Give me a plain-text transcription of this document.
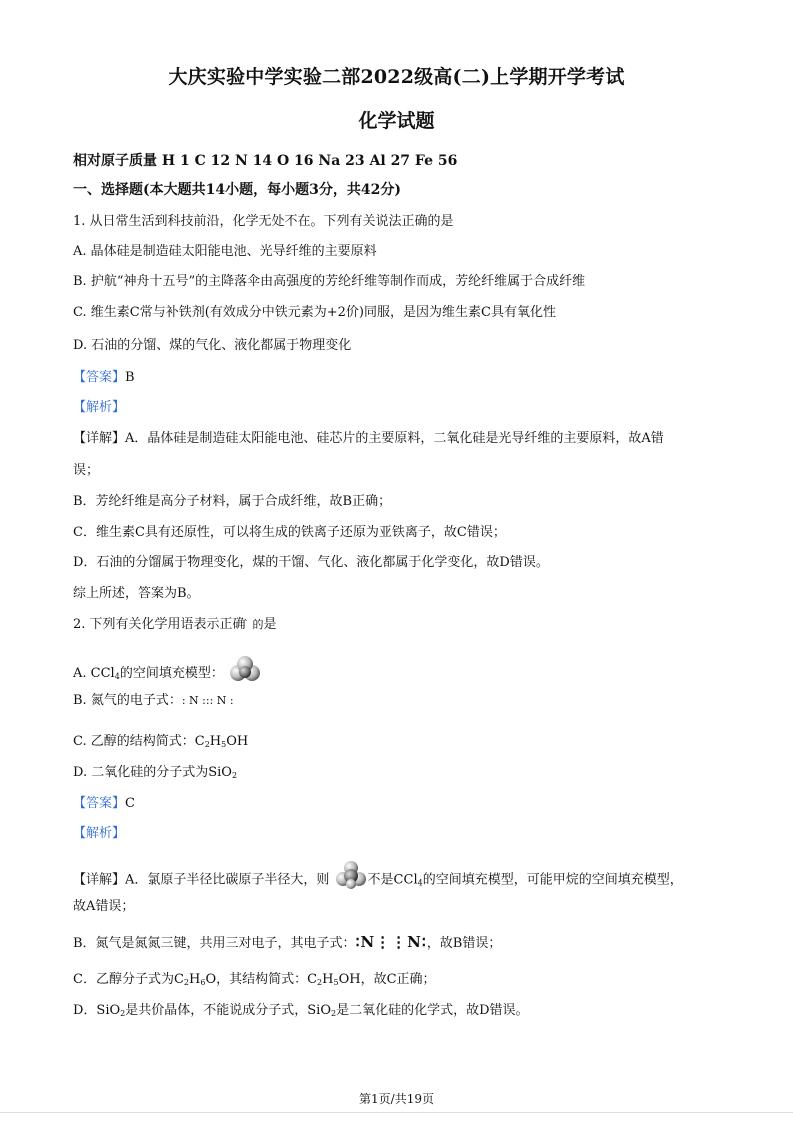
大庆实验中学实验二部2022级高(二)上学期开学考试
化学试题
相对原子质量 H 1 C 12 N 14 O 16 Na 23 Al 27 Fe 56
一、选择题(本大题共14小题，每小题3分，共42分)
1. 从日常生活到科技前沿，化学无处不在。下列有关说法正确的是
A. 晶体硅是制造硅太阳能电池、光导纤维的主要原料
B. 护航“神舟十五号”的主降落伞由高强度的芳纶纤维等制作而成，芳纶纤维属于合成纤维
C. 维生素C常与补铁剂(有效成分中铁元素为+2价)同服，是因为维生素C具有氧化性
D. 石油的分馏、煤的气化、液化都属于物理变化
【答案】B
【解析】
【详解】A．晶体硅是制造硅太阳能电池、硅芯片的主要原料，二氧化硅是光导纤维的主要原料，故A错
误；
B．芳纶纤维是高分子材料，属于合成纤维，故B正确；
C．维生素C具有还原性，可以将生成的铁离子还原为亚铁离子，故C错误；
D．石油的分馏属于物理变化，煤的干馏、气化、液化都属于化学变化，故D错误。
综上所述，答案为B。
2. 下列有关化学用语表示正确 ̀ 的是
A. CCl$_4$的空间填充模型：
B. 氮气的电子式：: N ::: N :
C. 乙醇的结构简式：$C_2H_5OH$
D. 二氧化硅的分子式为SiO$_2$
【答案】C
【解析】
【详解】A．氯原子半径比碳原子半径大，则	不是CCl$_4$的空间填充模型，可能甲烷的空间填充模型，
故A错误；
B．氮气是氮氮三键，共用三对电子，其电子式：∶N⋮⋮N∶，故B错误；
C．乙醇分子式为$C_2H_6O$，其结构简式：$C_2H_5OH$，故C正确；
D．SiO$_2$是共价晶体，不能说成分子式，SiO$_2$是二氧化硅的化学式，故D错误。
第1页/共19页
